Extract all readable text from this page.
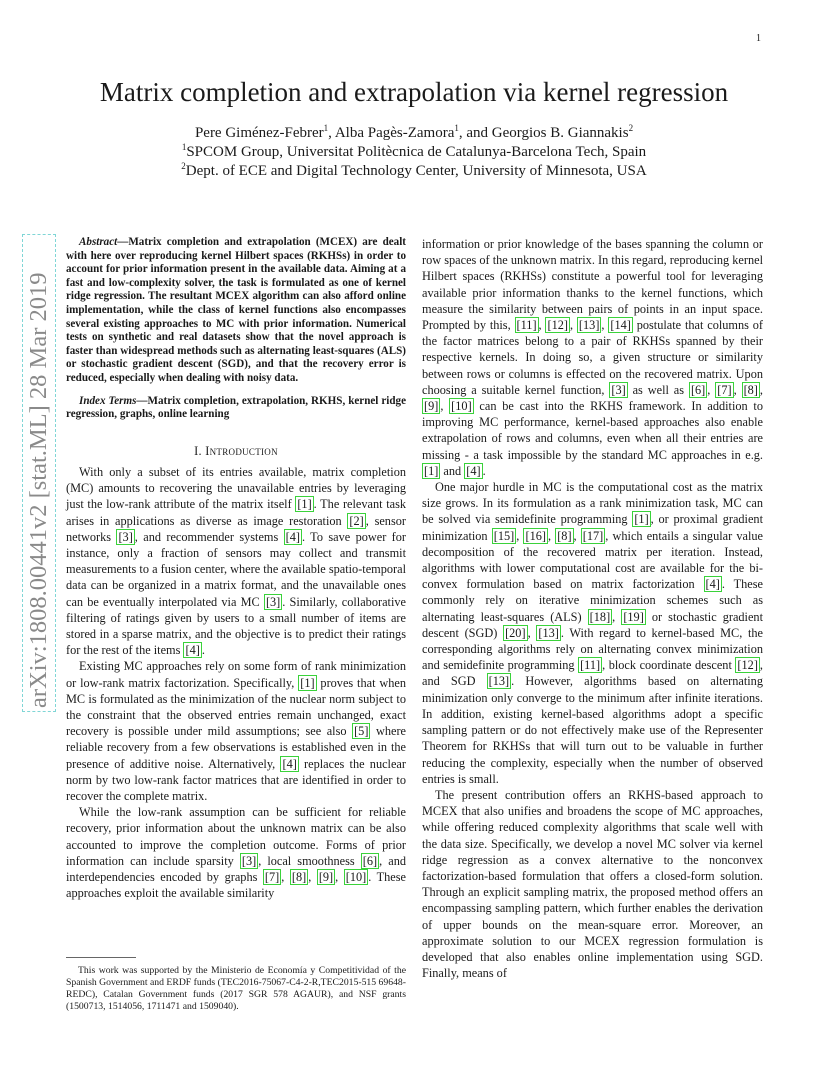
1
arXiv:1808.00441v2 [stat.ML] 28 Mar 2019
Matrix completion and extrapolation via kernel regression
Pere Giménez-Febrer$^1$, Alba Pagès-Zamora$^1$, and Georgios B. Giannakis$^2$
$^1$SPCOM Group, Universitat Politècnica de Catalunya-Barcelona Tech, Spain
$^2$Dept. of ECE and Digital Technology Center, University of Minnesota, USA

Abstract—Matrix completion and extrapolation (MCEX) are dealt with here over reproducing kernel Hilbert spaces (RKHSs) in order to account for prior information present in the available data. Aiming at a fast and low-complexity solver, the task is formulated as one of kernel ridge regression. The resultant MCEX algorithm can also afford online implementation, while the class of kernel functions also encompasses several existing approaches to MC with prior information. Numerical tests on synthetic and real datasets show that the novel approach is faster than widespread methods such as alternating least-squares (ALS) or stochastic gradient descent (SGD), and that the recovery error is reduced, especially when dealing with noisy data.

Index Terms—Matrix completion, extrapolation, RKHS, kernel ridge regression, graphs, online learning

I. Introduction

With only a subset of its entries available, matrix completion (MC) amounts to recovering the unavailable entries by leveraging just the low-rank attribute of the matrix itself [1] . The relevant task arises in applications as diverse as image restoration [2] , sensor networks [3] , and recommender systems [4] . To save power for instance, only a fraction of sensors may collect and transmit measurements to a fusion center, where the available spatio-temporal data can be organized in a matrix format, and the unavailable ones can be eventually interpolated via MC [3] . Similarly, collaborative filtering of ratings given by users to a small number of items are stored in a sparse matrix, and the objective is to predict their ratings for the rest of the items [4] .

Existing MC approaches rely on some form of rank minimization or low-rank matrix factorization. Specifically, [1] proves that when MC is formulated as the minimization of the nuclear norm subject to the constraint that the observed entries remain unchanged, exact recovery is possible under mild assumptions; see also [5] where reliable recovery from a few observations is established even in the presence of additive noise. Alternatively, [4] replaces the nuclear norm by two low-rank factor matrices that are identified in order to recover the complete matrix.

While the low-rank assumption can be sufficient for reliable recovery, prior information about the unknown matrix can be also accounted to improve the completion outcome. Forms of prior information can include sparsity [3] , local smoothness [6] , and interdependencies encoded by graphs [7] , [8] , [9] , [10] . These approaches exploit the available similarity

This work was supported by the Ministerio de Economía y Competitividad of the Spanish Government and ERDF funds (TEC2016-75067-C4-2-R,TEC2015-515 69648-REDC), Catalan Government funds (2017 SGR 578 AGAUR), and NSF grants (1500713, 1514056, 1711471 and 1509040).

information or prior knowledge of the bases spanning the column or row spaces of the unknown matrix. In this regard, reproducing kernel Hilbert spaces (RKHSs) constitute a powerful tool for leveraging available prior information thanks to the kernel functions, which measure the similarity between pairs of points in an input space. Prompted by this, [11] , [12] , [13] , [14] postulate that columns of the factor matrices belong to a pair of RKHSs spanned by their respective kernels. In doing so, a given structure or similarity between rows or columns is effected on the recovered matrix. Upon choosing a suitable kernel function, [3] as well as [6] , [7] , [8] , [9] , [10] can be cast into the RKHS framework. In addition to improving MC performance, kernel-based approaches also enable extrapolation of rows and columns, even when all their entries are missing - a task impossible by the standard MC approaches in e.g. [1] and [4] .

One major hurdle in MC is the computational cost as the matrix size grows. In its formulation as a rank minimization task, MC can be solved via semidefinite programming [1] , or proximal gradient minimization [15] , [16] , [8] , [17] , which entails a singular value decomposition of the recovered matrix per iteration. Instead, algorithms with lower computational cost are available for the bi-convex formulation based on matrix factorization [4] . These commonly rely on iterative minimization schemes such as alternating least-squares (ALS) [18] , [19] or stochastic gradient descent (SGD) [20] , [13] . With regard to kernel-based MC, the corresponding algorithms rely on alternating convex minimization and semidefinite programming [11] , block coordinate descent [12] , and SGD [13] . However, algorithms based on alternating minimization only converge to the minimum after infinite iterations. In addition, existing kernel-based algorithms adopt a specific sampling pattern or do not effectively make use of the Representer Theorem for RKHSs that will turn out to be valuable in further reducing the complexity, especially when the number of observed entries is small.

The present contribution offers an RKHS-based approach to MCEX that also unifies and broadens the scope of MC approaches, while offering reduced complexity algorithms that scale well with the data size. Specifically, we develop a novel MC solver via kernel ridge regression as a convex alternative to the nonconvex factorization-based formulation that offers a closed-form solution. Through an explicit sampling matrix, the proposed method offers an encompassing sampling pattern, which further enables the derivation of upper bounds on the mean-square error. Moreover, an approximate solution to our MCEX regression formulation is developed that also enables online implementation using SGD. Finally, means of
